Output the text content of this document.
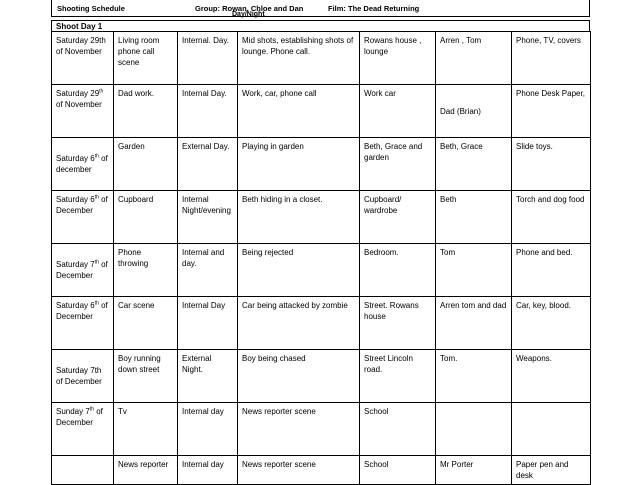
Shooting Schedule	Group: Rowan, Chloe and Dan	Film: The Dead Returning
Day/Night
Shoot Day 1
Saturday 29th of November	Living room phone call scene	Internal. Day.	Mid shots, establishing shots of lounge. Phone call.	Rowans house , lounge	Arren , Tom	Phone, TV, covers
Saturday 29th of November	Dad work.	Internal Day.	Work, car, phone call	Work car	Dad (Brian)	Phone Desk Paper,
Saturday 6th of december	Garden	External Day.	Playing in garden	Beth, Grace and garden	Beth, Grace	Slide toys.
Saturday 6th of December	Cupboard	Internal Night/evening	Beth hiding in a closet.	Cupboard/ wardrobe	Beth	Torch and dog food
Saturday 7th of December	Phone throwing	Internal and day.	Being rejected	Bedroom.	Tom	Phone and bed.
Saturday 6th of December	Car scene	Internal Day	Car being attacked by zombie	Street. Rowans house	Arren tom and dad	Car, key, blood.
Saturday 7th of December	Boy running down street	External Night.	Boy being chased	Street Lincoln road.	Tom.	Weapons.
Sunday 7th of December	Tv	Internal day	News reporter scene	School		
	News reporter	Internal day	News reporter scene	School	Mr Porter	Paper pen and desk
